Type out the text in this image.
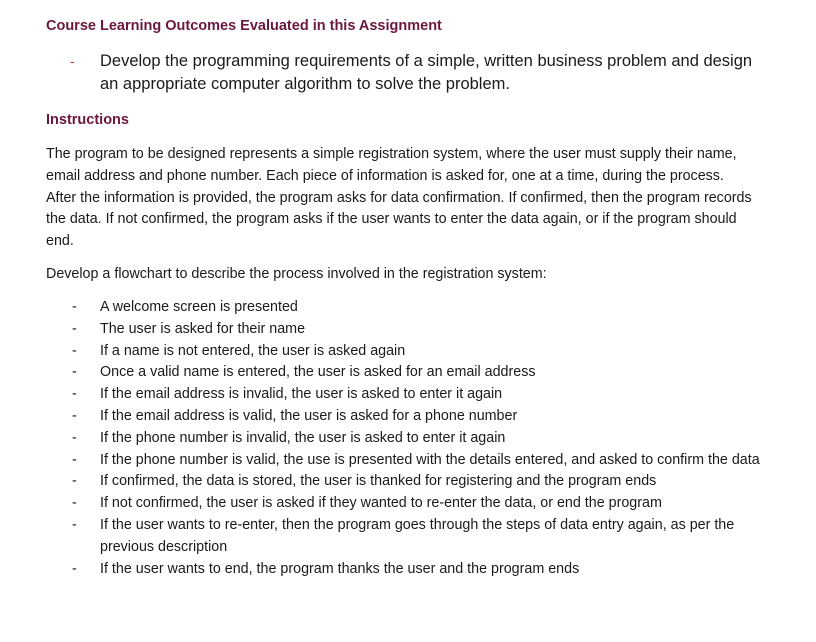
Course Learning Outcomes Evaluated in this Assignment
- Develop the programming requirements of a simple, written business problem and design an appropriate computer algorithm to solve the problem.
Instructions

The program to be designed represents a simple registration system, where the user must supply their name, email address and phone number. Each piece of information is asked for, one at a time, during the process. After the information is provided, the program asks for data confirmation. If confirmed, then the program records the data. If not confirmed, the program asks if the user wants to enter the data again, or if the program should end.

Develop a flowchart to describe the process involved in the registration system:

- A welcome screen is presented
- The user is asked for their name
- If a name is not entered, the user is asked again
- Once a valid name is entered, the user is asked for an email address
- If the email address is invalid, the user is asked to enter it again
- If the email address is valid, the user is asked for a phone number
- If the phone number is invalid, the user is asked to enter it again
- If the phone number is valid, the use is presented with the details entered, and asked to confirm the data
- If confirmed, the data is stored, the user is thanked for registering and the program ends
- If not confirmed, the user is asked if they wanted to re-enter the data, or end the program
- If the user wants to re-enter, then the program goes through the steps of data entry again, as per the previous description
- If the user wants to end, the program thanks the user and the program ends
